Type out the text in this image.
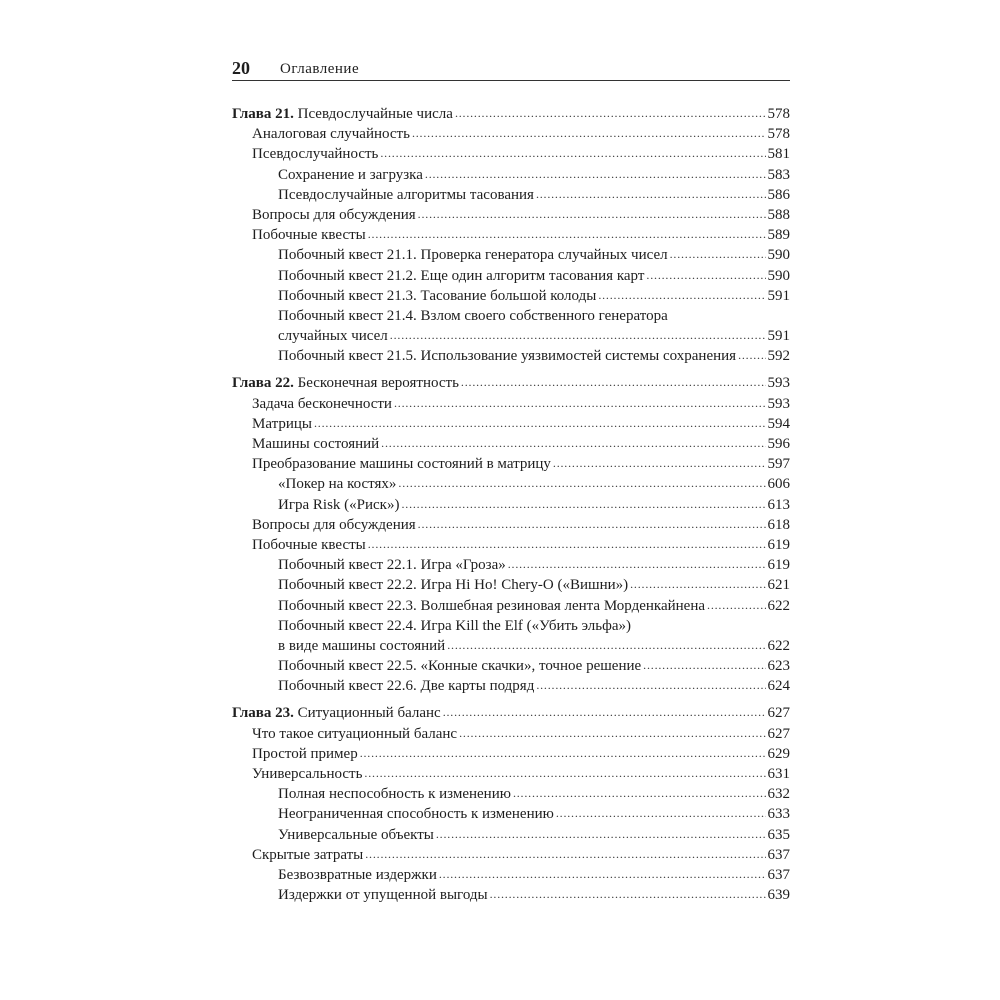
20 Оглавление
Глава 21. Псевдослучайные числа .....	578
Аналоговая случайность .....	578
Псевдослучайность .....	581
Сохранение и загрузка .....	583
Псевдослучайные алгоритмы тасования .....	586
Вопросы для обсуждения .....	588
Побочные квесты .....	589
Побочный квест 21.1. Проверка генератора случайных чисел .....	590
Побочный квест 21.2. Еще один алгоритм тасования карт .....	590
Побочный квест 21.3. Тасование большой колоды .....	591
Побочный квест 21.4. Взлом своего собственного генератора
случайных чисел .....	591
Побочный квест 21.5. Использование уязвимостей системы сохранения ..... 592
Глава 22. Бесконечная вероятность .....	593
Задача бесконечности .....	593
Матрицы .....	594
Машины состояний .....	596
Преобразование машины состояний в матрицу .....	597
«Покер на костях» .....	606
Игра Risk («Риск») .....	613
Вопросы для обсуждения .....	618
Побочные квесты .....	619
Побочный квест 22.1. Игра «Гроза» .....	619
Побочный квест 22.2. Игра Hi Ho! Chery-O («Вишни») .....	621
Побочный квест 22.3. Волшебная резиновая лента Морденкайнена .....	622
Побочный квест 22.4. Игра Kill the Elf («Убить эльфа»)
в виде машины состояний .....	622
Побочный квест 22.5. «Конные скачки», точное решение .....	623
Побочный квест 22.6. Две карты подряд .....	624
Глава 23. Ситуационный баланс .....	627
Что такое ситуационный баланс .....	627
Простой пример .....	629
Универсальность .....	631
Полная неспособность к изменению .....	632
Неограниченная способность к изменению .....	633
Универсальные объекты .....	635
Скрытые затраты .....	637
Безвозвратные издержки .....	637
Издержки от упущенной выгоды .....	639
